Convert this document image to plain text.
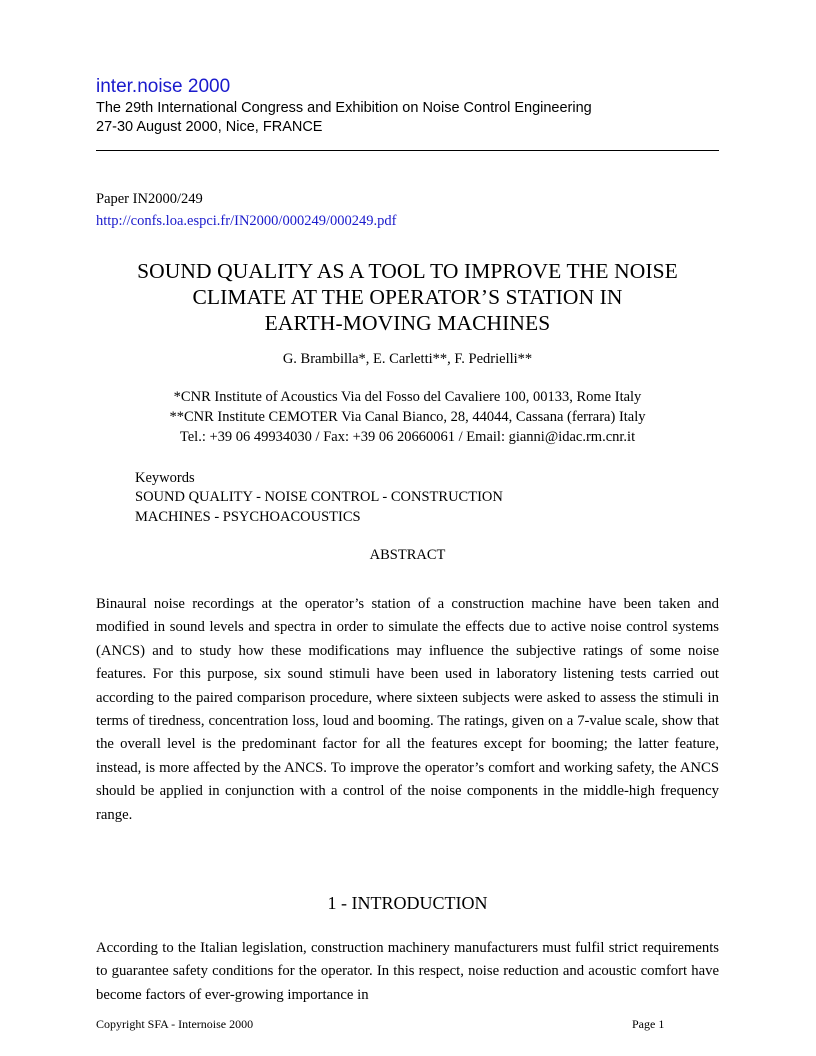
inter.noise 2000
The 29th International Congress and Exhibition on Noise Control Engineering
27-30 August 2000, Nice, FRANCE
Paper IN2000/249
http://confs.loa.espci.fr/IN2000/000249/000249.pdf
SOUND QUALITY AS A TOOL TO IMPROVE THE NOISE
CLIMATE AT THE OPERATOR’S STATION IN
EARTH-MOVING MACHINES
G. Brambilla*, E. Carletti**, F. Pedrielli**
*CNR Institute of Acoustics Via del Fosso del Cavaliere 100, 00133, Rome Italy
**CNR Institute CEMOTER Via Canal Bianco, 28, 44044, Cassana (ferrara) Italy
Tel.: +39 06 49934030 / Fax: +39 06 20660061 / Email: gianni@idac.rm.cnr.it
Keywords
SOUND QUALITY - NOISE CONTROL - CONSTRUCTION
MACHINES - PSYCHOACOUSTICS
ABSTRACT
Binaural noise recordings at the operator’s station of a construction machine have been taken and modified in sound levels and spectra in order to simulate the effects due to active noise control systems (ANCS) and to study how these modifications may influence the subjective ratings of some noise features. For this purpose, six sound stimuli have been used in laboratory listening tests carried out according to the paired comparison procedure, where sixteen subjects were asked to assess the stimuli in terms of tiredness, concentration loss, loud and booming. The ratings, given on a 7-value scale, show that the overall level is the predominant factor for all the features except for booming; the latter feature, instead, is more affected by the ANCS. To improve the operator’s comfort and working safety, the ANCS should be applied in conjunction with a control of the noise components in the middle-high frequency range.
1 - INTRODUCTION
According to the Italian legislation, construction machinery manufacturers must fulfil strict requirements to guarantee safety conditions for the operator. In this respect, noise reduction and acoustic comfort have become factors of ever-growing importance in
Copyright SFA - Internoise 2000	Page 1
